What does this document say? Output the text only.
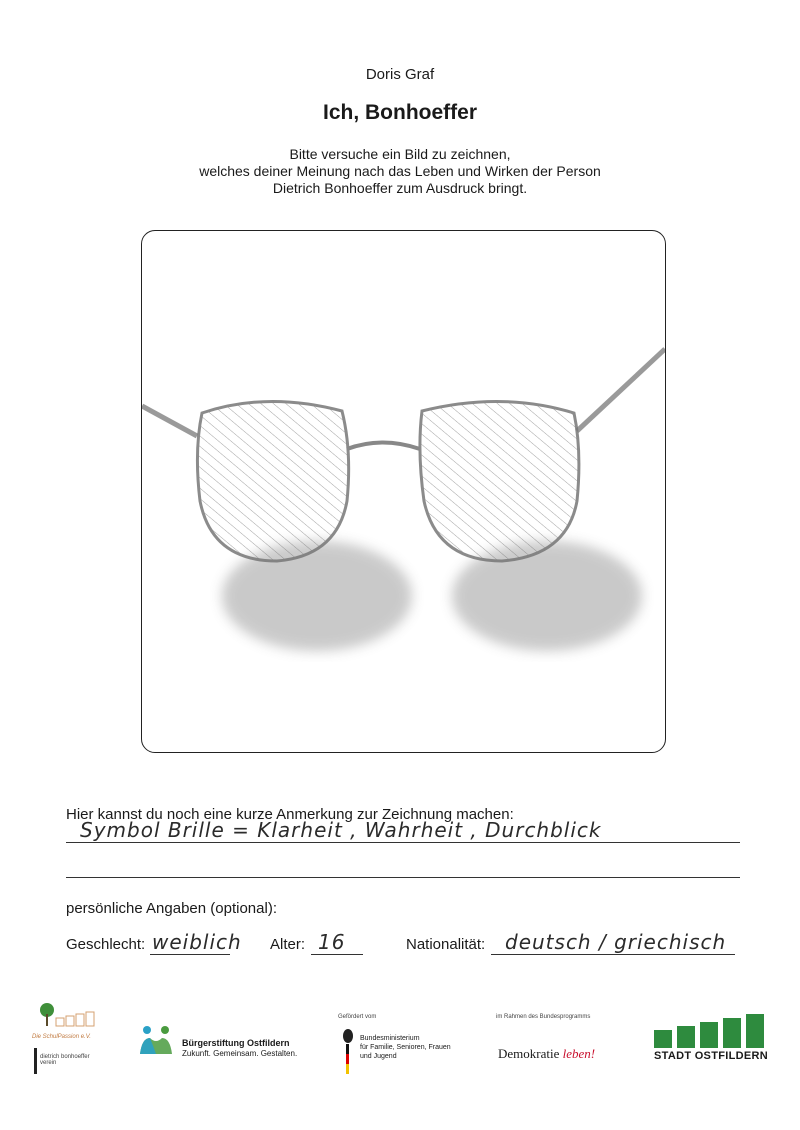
Doris Graf
Ich, Bonhoeffer
Bitte versuche ein Bild zu zeichnen,
welches deiner Meinung nach das Leben und Wirken der Person
Dietrich Bonhoeffer zum Ausdruck bringt.
Hier kannst du noch eine kurze Anmerkung zur Zeichnung machen:
Symbol Brille = Klarheit , Wahrheit , Durchblick
persönliche Angaben (optional):
Geschlecht: weiblich Alter: 16	Nationalität: deutsch / griechisch
Die SchulPassion e.V.
dietrich bonhoeffer verein
Bürgerstiftung Ostfildern
Zukunft. Gemeinsam. Gestalten.
Gefördert vom
Bundesministerium
für Familie, Senioren, Frauen
und Jugend
im Rahmen des Bundesprogramms
Demokratie leben!	STADT OSTFILDERN
